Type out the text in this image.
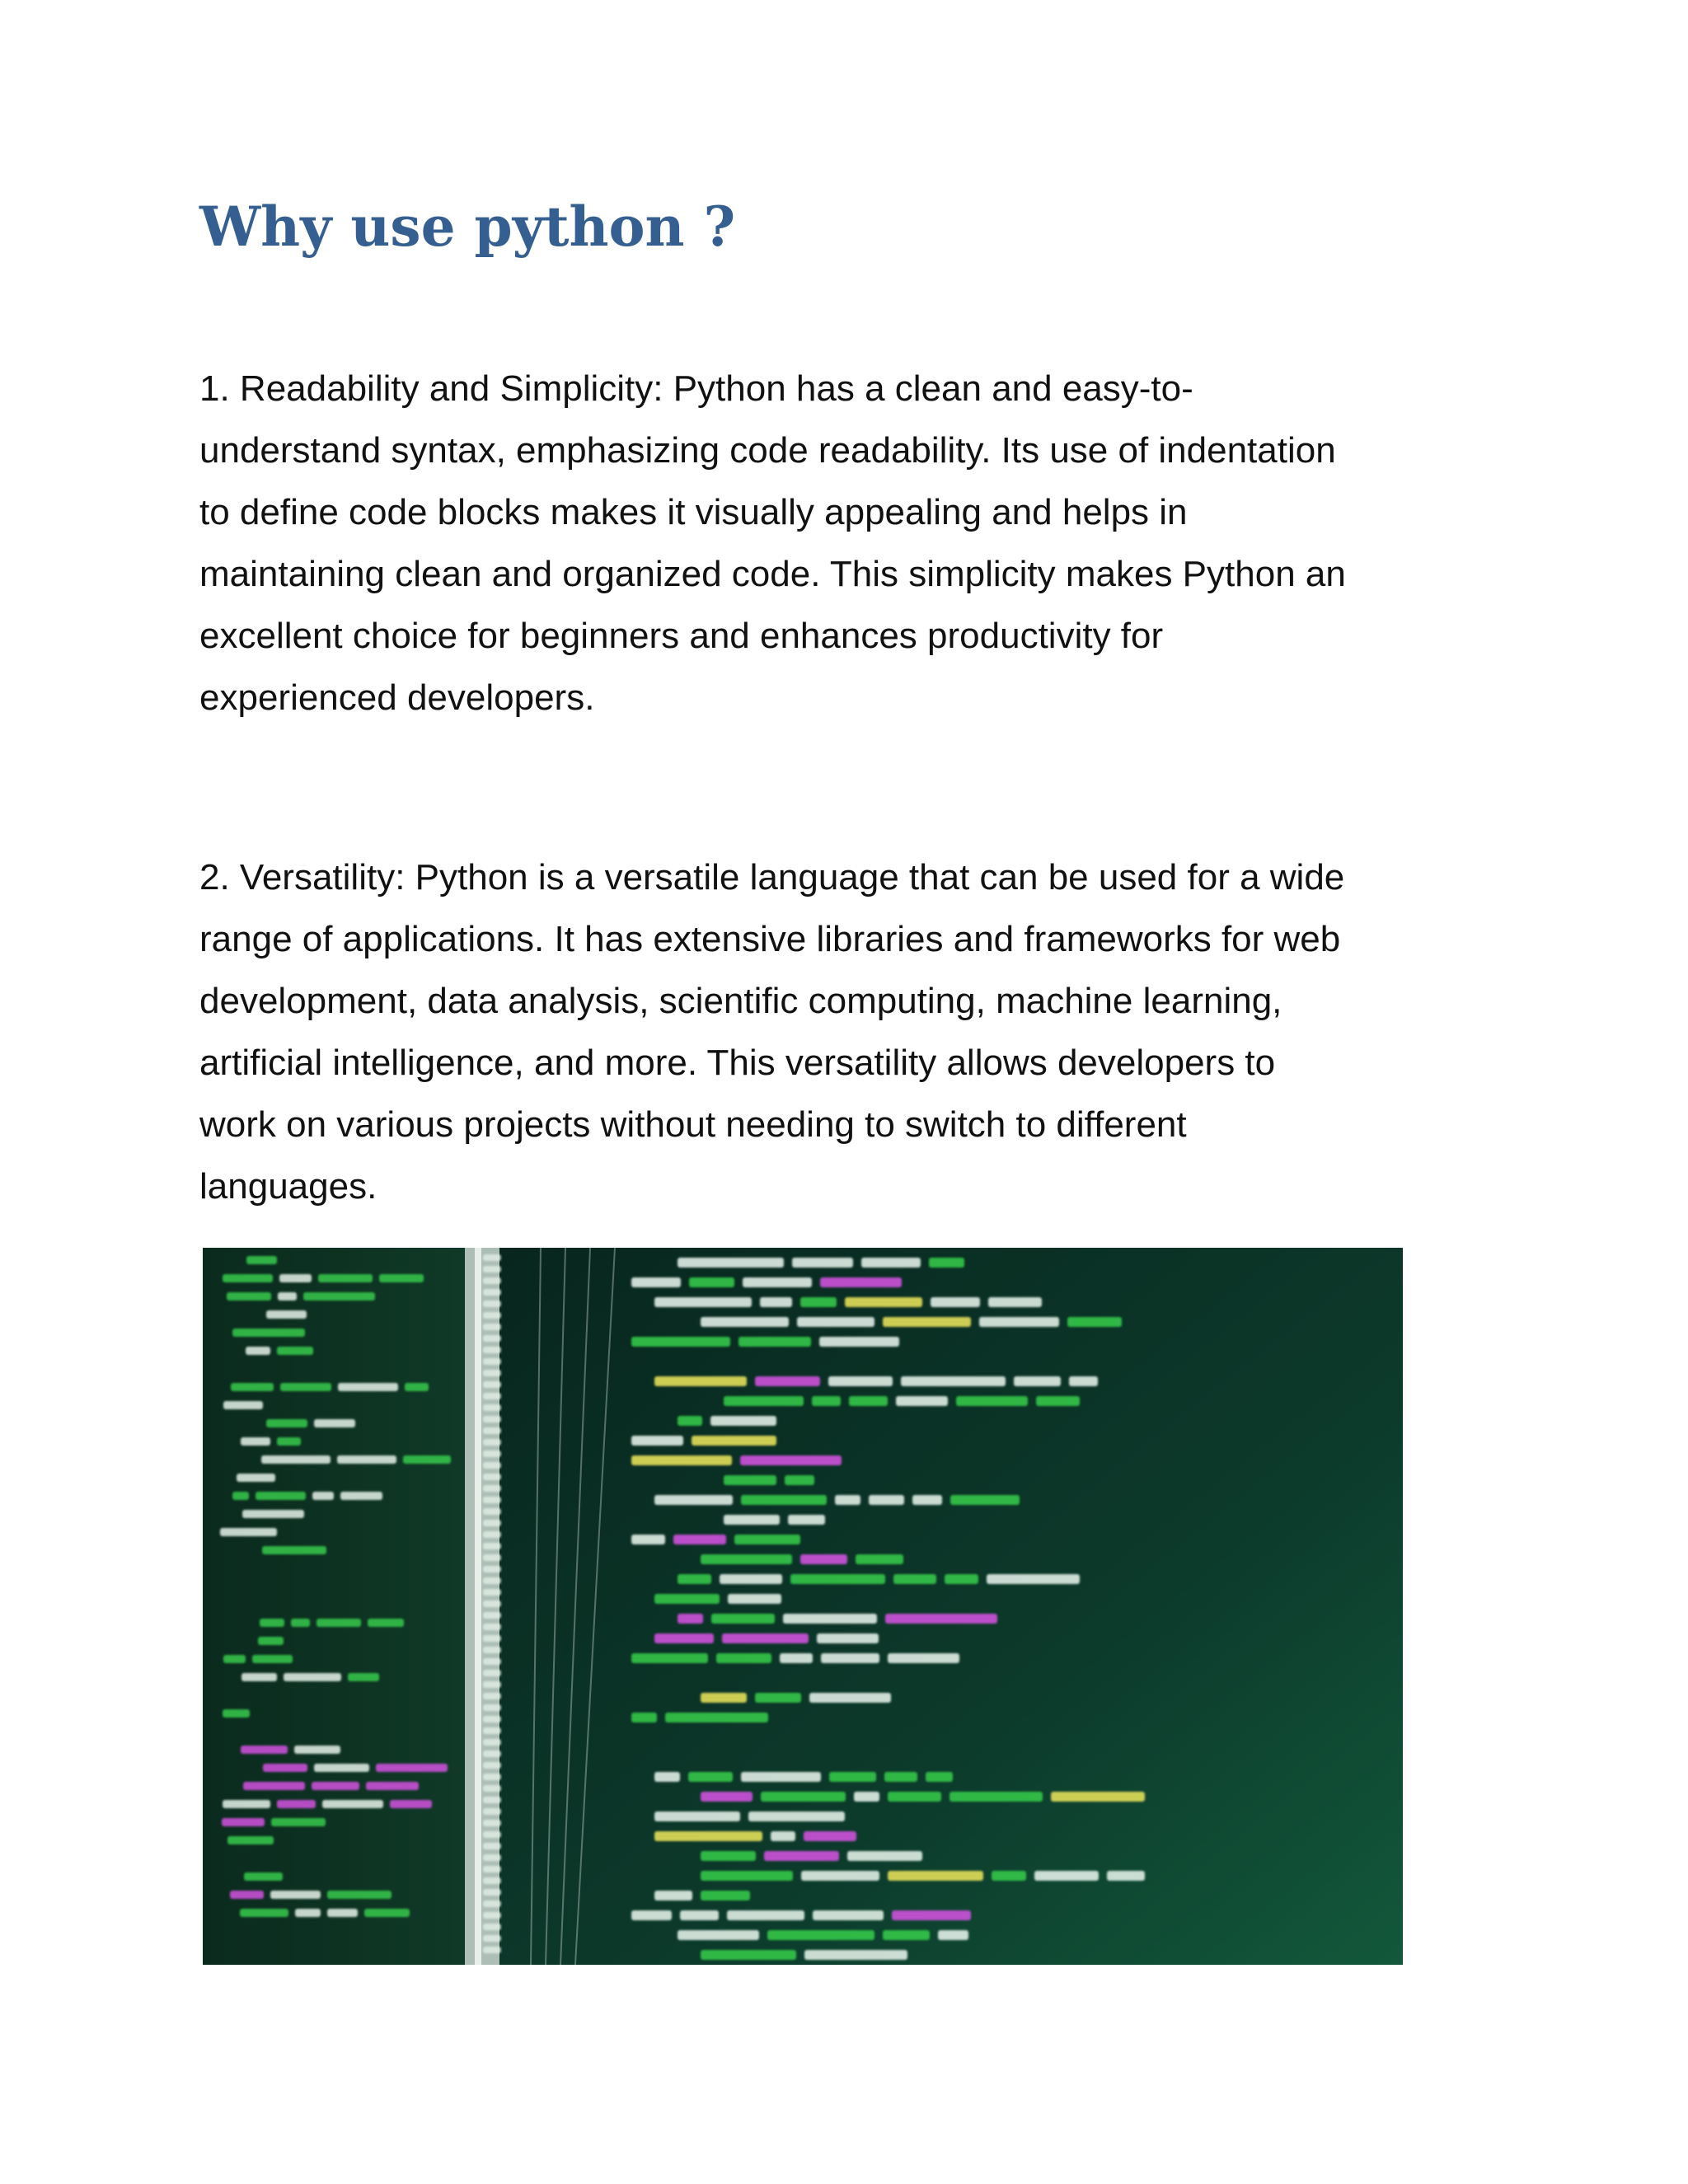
Why use python ?

1. Readability and Simplicity: Python has a clean and easy-to-
understand syntax, emphasizing code readability. Its use of indentation
to define code blocks makes it visually appealing and helps in
maintaining clean and organized code. This simplicity makes Python an
excellent choice for beginners and enhances productivity for
experienced developers.

2. Versatility: Python is a versatile language that can be used for a wide
range of applications. It has extensive libraries and frameworks for web
development, data analysis, scientific computing, machine learning,
artificial intelligence, and more. This versatility allows developers to
work on various projects without needing to switch to different
languages.
